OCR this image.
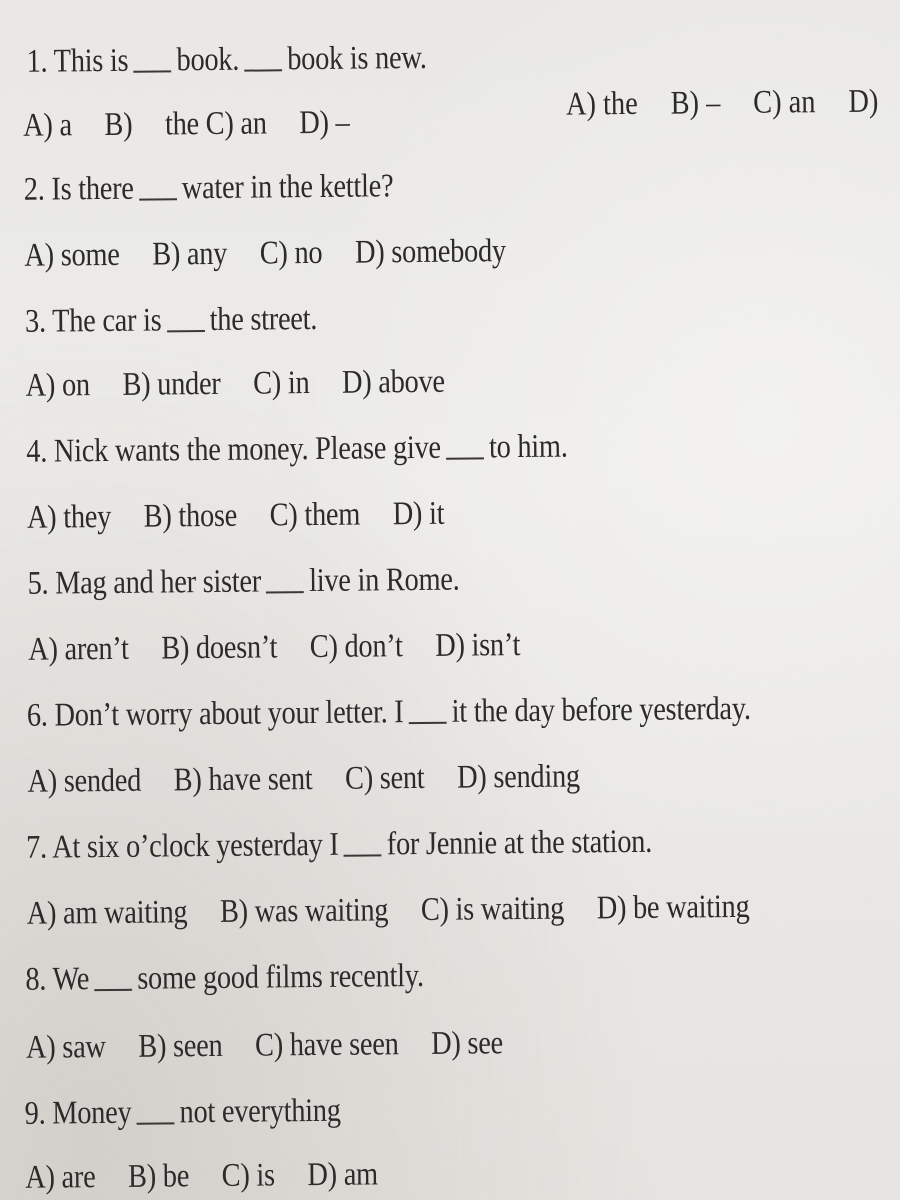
1. This is book. book is new.
A) a B) the C) an D) –
A) the B) – C) an D)
2. Is there water in the kettle?
A) some B) any C) no D) somebody
3. The car is the street.
A) on B) under C) in D) above
4. Nick wants the money. Please give to him.
A) they B) those C) them D) it
5. Mag and her sister live in Rome.
A) aren’t B) doesn’t C) don’t D) isn’t
6. Don’t worry about your letter. I it the day before yesterday.
A) sended B) have sent C) sent D) sending
7. At six o’clock yesterday I for Jennie at the station.
A) am waiting B) was waiting C) is waiting D) be waiting
8. We some good films recently.
A) saw B) seen C) have seen D) see
9. Money not everything
A) are B) be C) is D) am
